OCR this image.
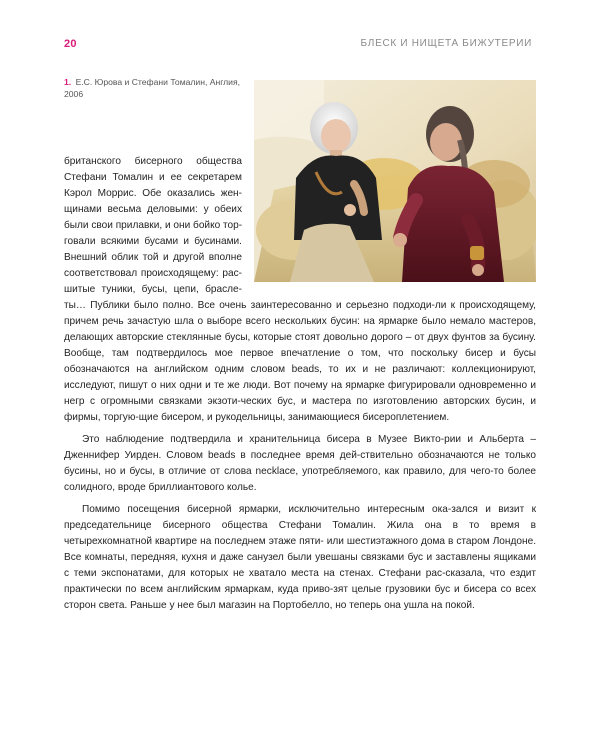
20	БЛЕСК И НИЩЕТА БИЖУТЕРИИ
1. Е.С. Юрова и Стефани Томалин, Англия, 2006
британского бисерного общества
Стефани Томалин и ее секретарем
Кэрол Моррис. Обе оказались жен-
щинами весьма деловыми: у обеих
были свои прилавки, и они бойко тор-
говали всякими бусами и бусинами.
Внешний облик той и другой вполне
соответствовал происходящему: рас-
шитые туники, бусы, цепи, брасле-

ты… Публики было полно. Все очень заинтересованно и серьезно подходи-ли к происходящему, причем речь зачастую шла о выборе всего нескольких бусин: на ярмарке было немало мастеров, делающих авторские стеклянные бусы, которые стоят довольно дорого – от двух фунтов за бусину. Вообще, там подтвердилось мое первое впечатление о том, что поскольку бисер и бусы обозначаются на английском одним словом beads, то их и не различают: коллекционируют, исследуют, пишут о них одни и те же люди. Вот почему на ярмарке фигурировали одновременно и негр с огромными связками экзоти-ческих бус, и мастера по изготовлению авторских бусин, и фирмы, торгую-щие бисером, и рукодельницы, занимающиеся бисероплетением.

Это наблюдение подтвердила и хранительница бисера в Музее Викто-рии и Альберта – Дженнифер Уирден. Словом beads в последнее время дей-ствительно обозначаются не только бусины, но и бусы, в отличие от слова necklace, употребляемого, как правило, для чего-то более солидного, вроде бриллиантового колье.

Помимо посещения бисерной ярмарки, исключительно интересным ока-зался и визит к председательнице бисерного общества Стефани Томалин. Жила она в то время в четырехкомнатной квартире на последнем этаже пяти- или шестиэтажного дома в старом Лондоне. Все комнаты, передняя, кухня и даже санузел были увешаны связками бус и заставлены ящиками с теми экспонатами, для которых не хватало места на стенах. Стефани рас-сказала, что ездит практически по всем английским ярмаркам, куда приво-зят целые грузовики бус и бисера со всех сторон света. Раньше у нее был магазин на Портобелло, но теперь она ушла на покой.
